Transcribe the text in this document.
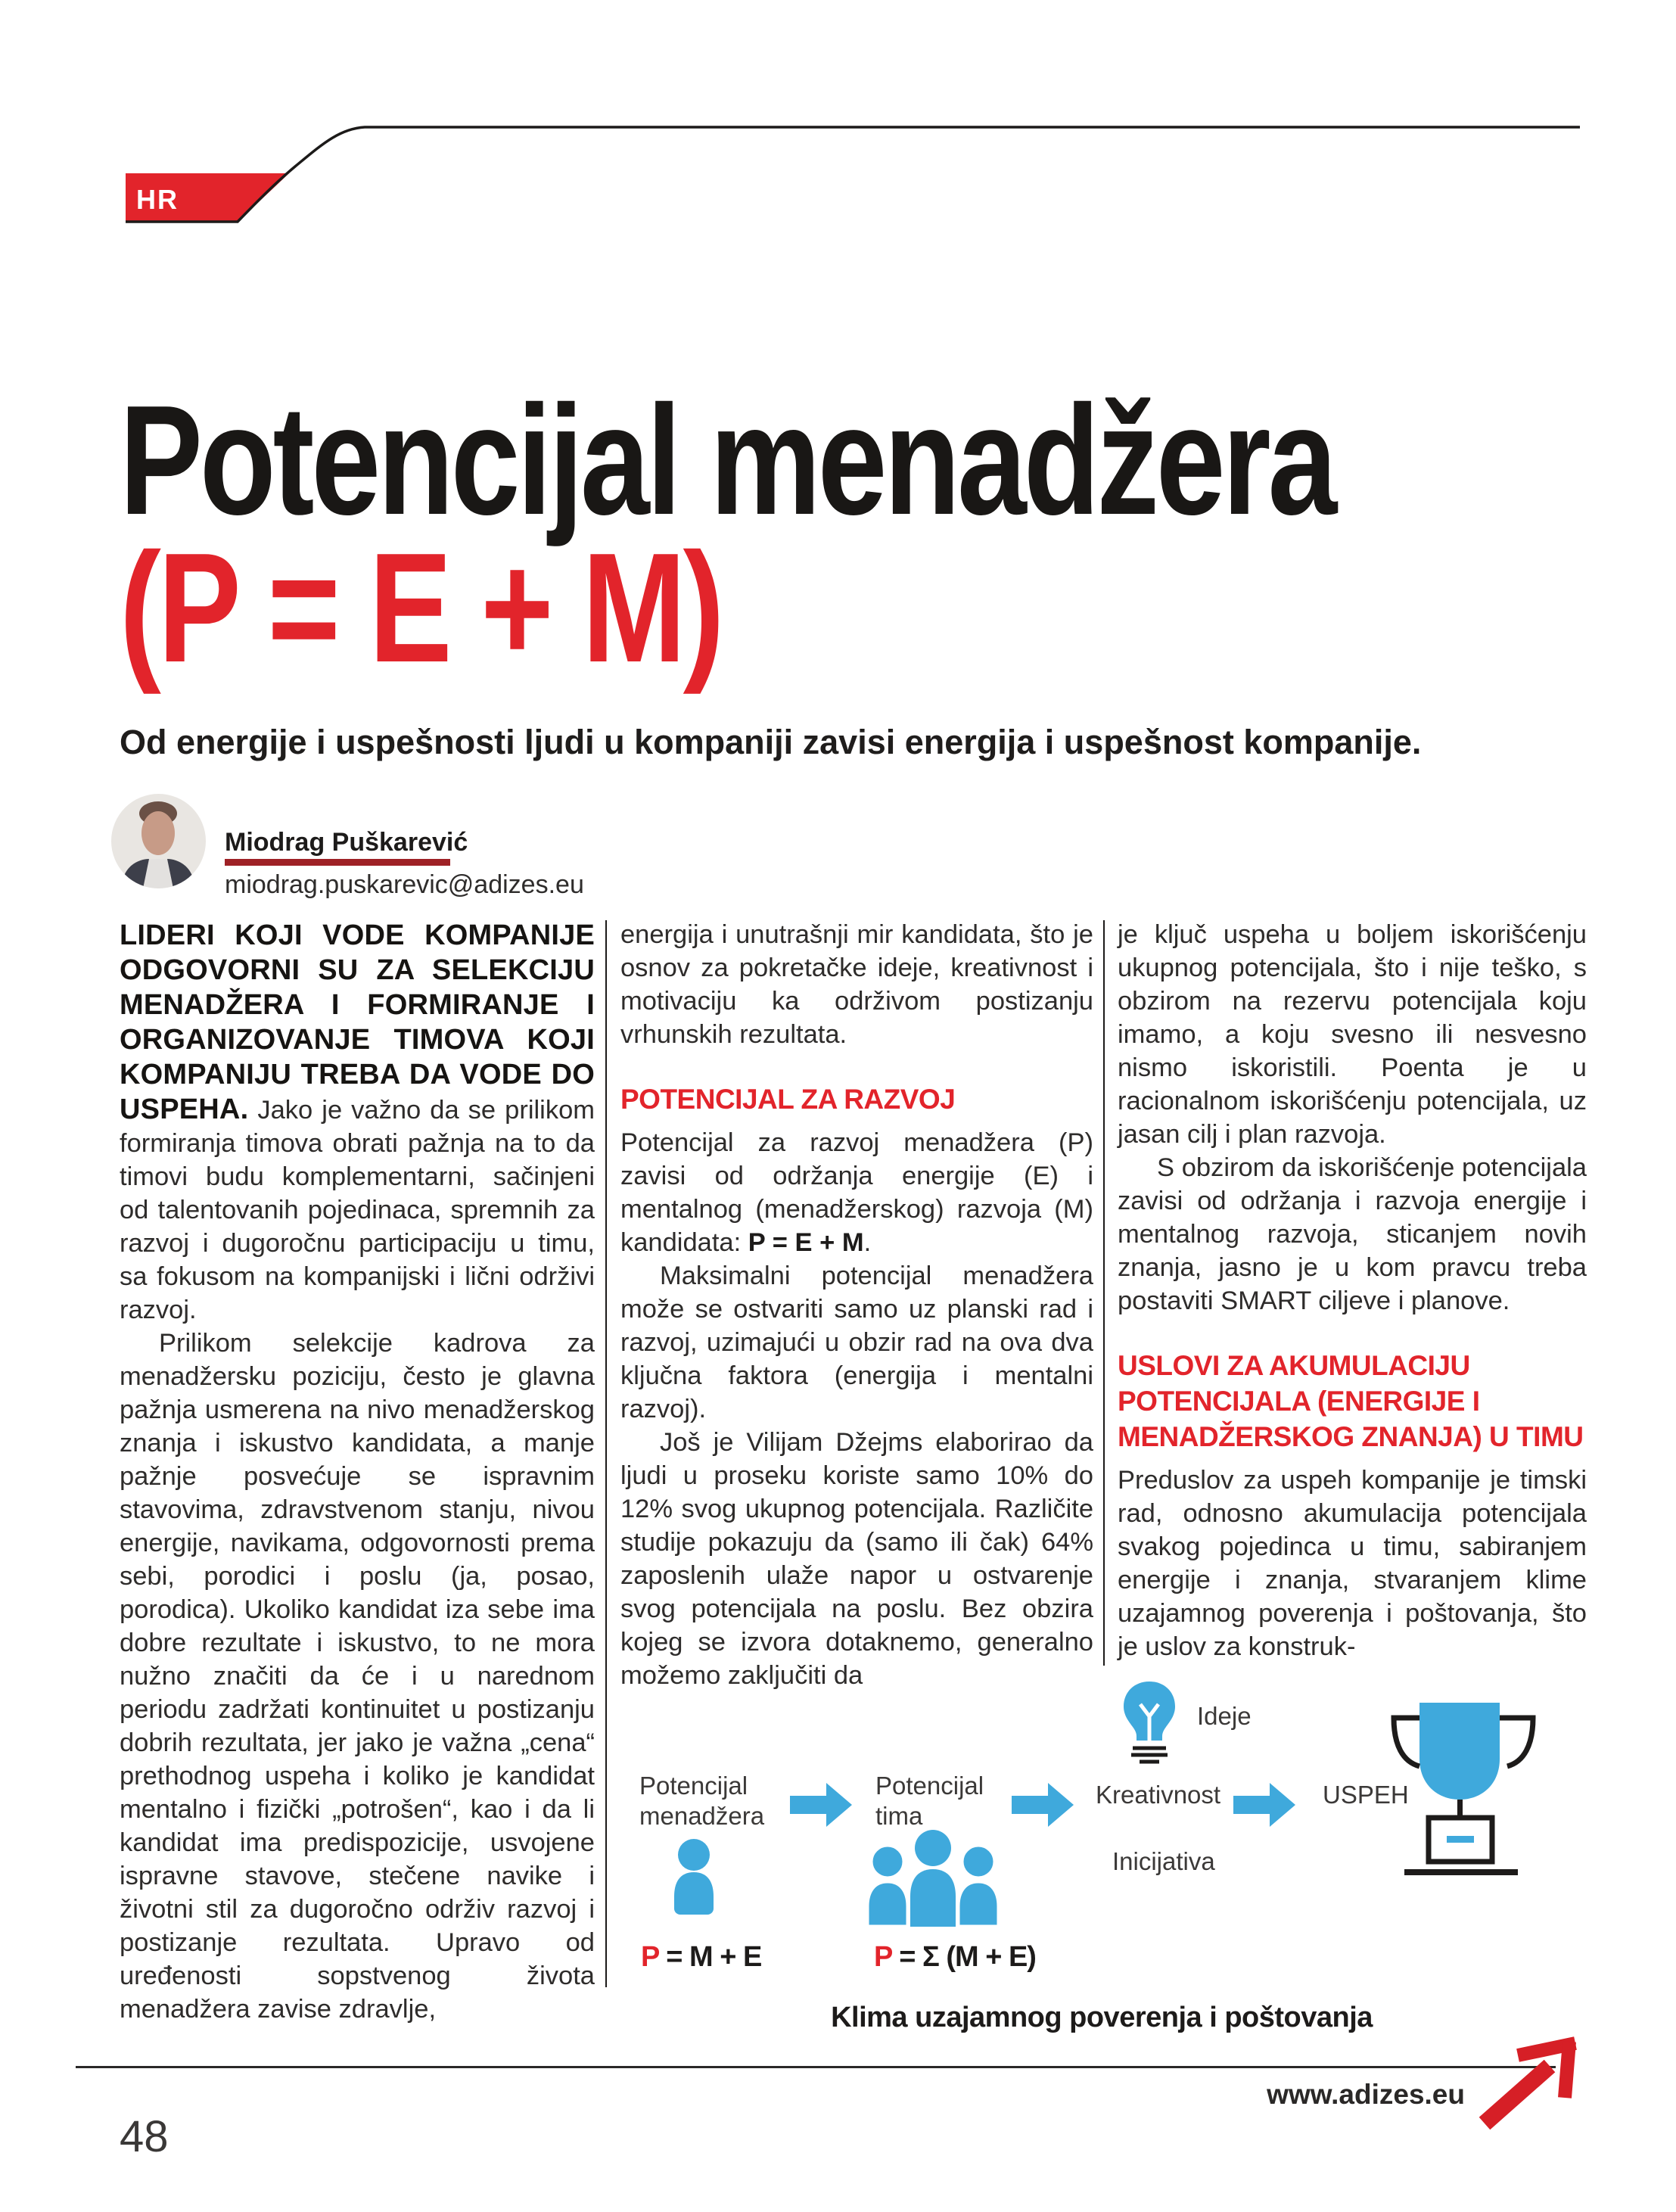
HR
Potencijal menadžera
(P = E + M)
Od energije i uspešnosti ljudi u kompaniji zavisi energija i uspešnost kompanije.
Miodrag Puškarević
miodrag.puskarevic@adizes.eu

LIDERI KOJI VODE KOMPANIJE ODGOVORNI SU ZA SELEKCIJU MENADŽERA I FORMIRANJE I ORGANIZOVANJE TIMOVA KOJI KOMPANIJU TREBA DA VODE DO USPEHA. Jako je važno da se prilikom formiranja timova obrati pažnja na to da timovi budu komplementarni, sačinjeni od talentovanih pojedinaca, spremnih za razvoj i dugoročnu participaciju u timu, sa fokusom na kompanijski i lični održivi razvoj.

Prilikom selekcije kadrova za menadžersku poziciju, često je glavna pažnja usmerena na nivo menadžerskog znanja i iskustvo kandidata, a manje pažnje posvećuje se ispravnim stavovima, zdravstvenom stanju, nivou energije, navikama, odgovornosti prema sebi, porodici i poslu (ja, posao, porodica). Ukoliko kandidat iza sebe ima dobre rezultate i iskustvo, to ne mora nužno značiti da će i u narednom periodu zadržati kontinuitet u postizanju dobrih rezultata, jer jako je važna „cena“ prethodnog uspeha i koliko je kandidat mentalno i fizički „potrošen“, kao i da li kandidat ima predispozicije, usvojene ispravne stavove, stečene navike i životni stil za dugoročno održiv razvoj i postizanje rezultata. Upravo od uređenosti sopstvenog života menadžera zavise zdravlje,

energija i unutrašnji mir kandidata, što je osnov za pokretačke ideje, kreativnost i motivaciju ka održivom postizanju vrhunskih rezultata.

POTENCIJAL ZA RAZVOJ

Potencijal za razvoj menadžera (P) zavisi od održanja energije (E) i mentalnog (menadžerskog) razvoja (M) kandidata: P = E + M.

Maksimalni potencijal menadžera može se ostvariti samo uz planski rad i razvoj, uzimajući u obzir rad na ova dva ključna faktora (energija i mentalni razvoj).

Još je Vilijam Džejms elaborirao da ljudi u proseku koriste samo 10% do 12% svog ukupnog potencijala. Različite studije pokazuju da (samo ili čak) 64% zaposlenih ulaže napor u ostvarenje svog potencijala na poslu. Bez obzira kojeg se izvora dotaknemo, generalno možemo zaključiti da

je ključ uspeha u boljem iskorišćenju ukupnog potencijala, što i nije teško, s obzirom na rezervu potencijala koju imamo, a koju svesno ili nesvesno nismo iskoristili. Poenta je u racionalnom iskorišćenju potencijala, uz jasan cilj i plan razvoja.

S obzirom da iskorišćenje potencijala zavisi od održanja i razvoja energije i mentalnog razvoja, sticanjem novih znanja, jasno je u kom pravcu treba postaviti SMART ciljeve i planove.

USLOVI ZA AKUMULACIJU POTENCIJALA (ENERGIJE I MENADŽERSKOG ZNANJA) U TIMU

Preduslov za uspeh kompanije je timski rad, odnosno akumulacija potencijala svakog pojedinca u timu, sabiranjem energije i znanja, stvaranjem klime uzajamnog poverenja i poštovanja, što je uslov za konstruk-

Potencijal
menadžera
Potencijal
tima
Ideje
Kreativnost	USPEH
Inicijativa
P = M + E	P = Σ (M + E)
Klima uzajamnog poverenja i poštovanja
48
www.adizes.eu
